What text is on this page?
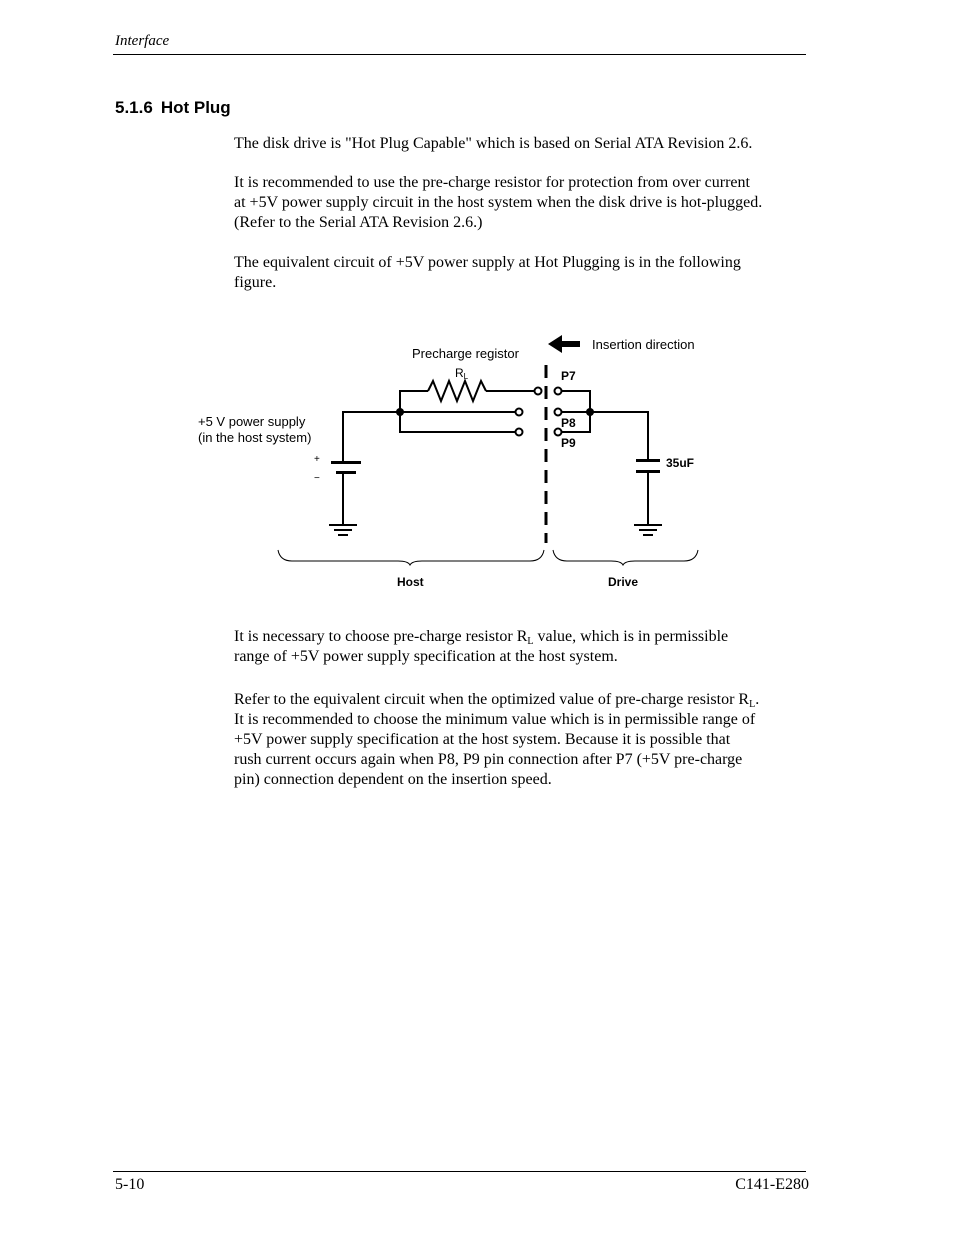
Interface
5.1.6 Hot Plug

The disk drive is "Hot Plug Capable" which is based on Serial ATA Revision 2.6.

It is recommended to use the pre-charge resistor for protection from over current
at +5V power supply circuit in the host system when the disk drive is hot-plugged.
(Refer to the Serial ATA Revision 2.6.)

The equivalent circuit of +5V power supply at Hot Plugging is in the following
figure.

Precharge registor
Insertion direction
RL
+5 V power supply
(in the host system)
+
−
P7
P8
P9
35uF
Host	Drive

It is necessary to choose pre-charge resistor $R_L$ value, which is in permissible
range of +5V power supply specification at the host system.

Refer to the equivalent circuit when the optimized value of pre-charge resistor $R_L$.
It is recommended to choose the minimum value which is in permissible range of
+5V power supply specification at the host system. Because it is possible that
rush current occurs again when P8, P9 pin connection after P7 (+5V pre-charge
pin) connection dependent on the insertion speed.

5-10	C141-E280
